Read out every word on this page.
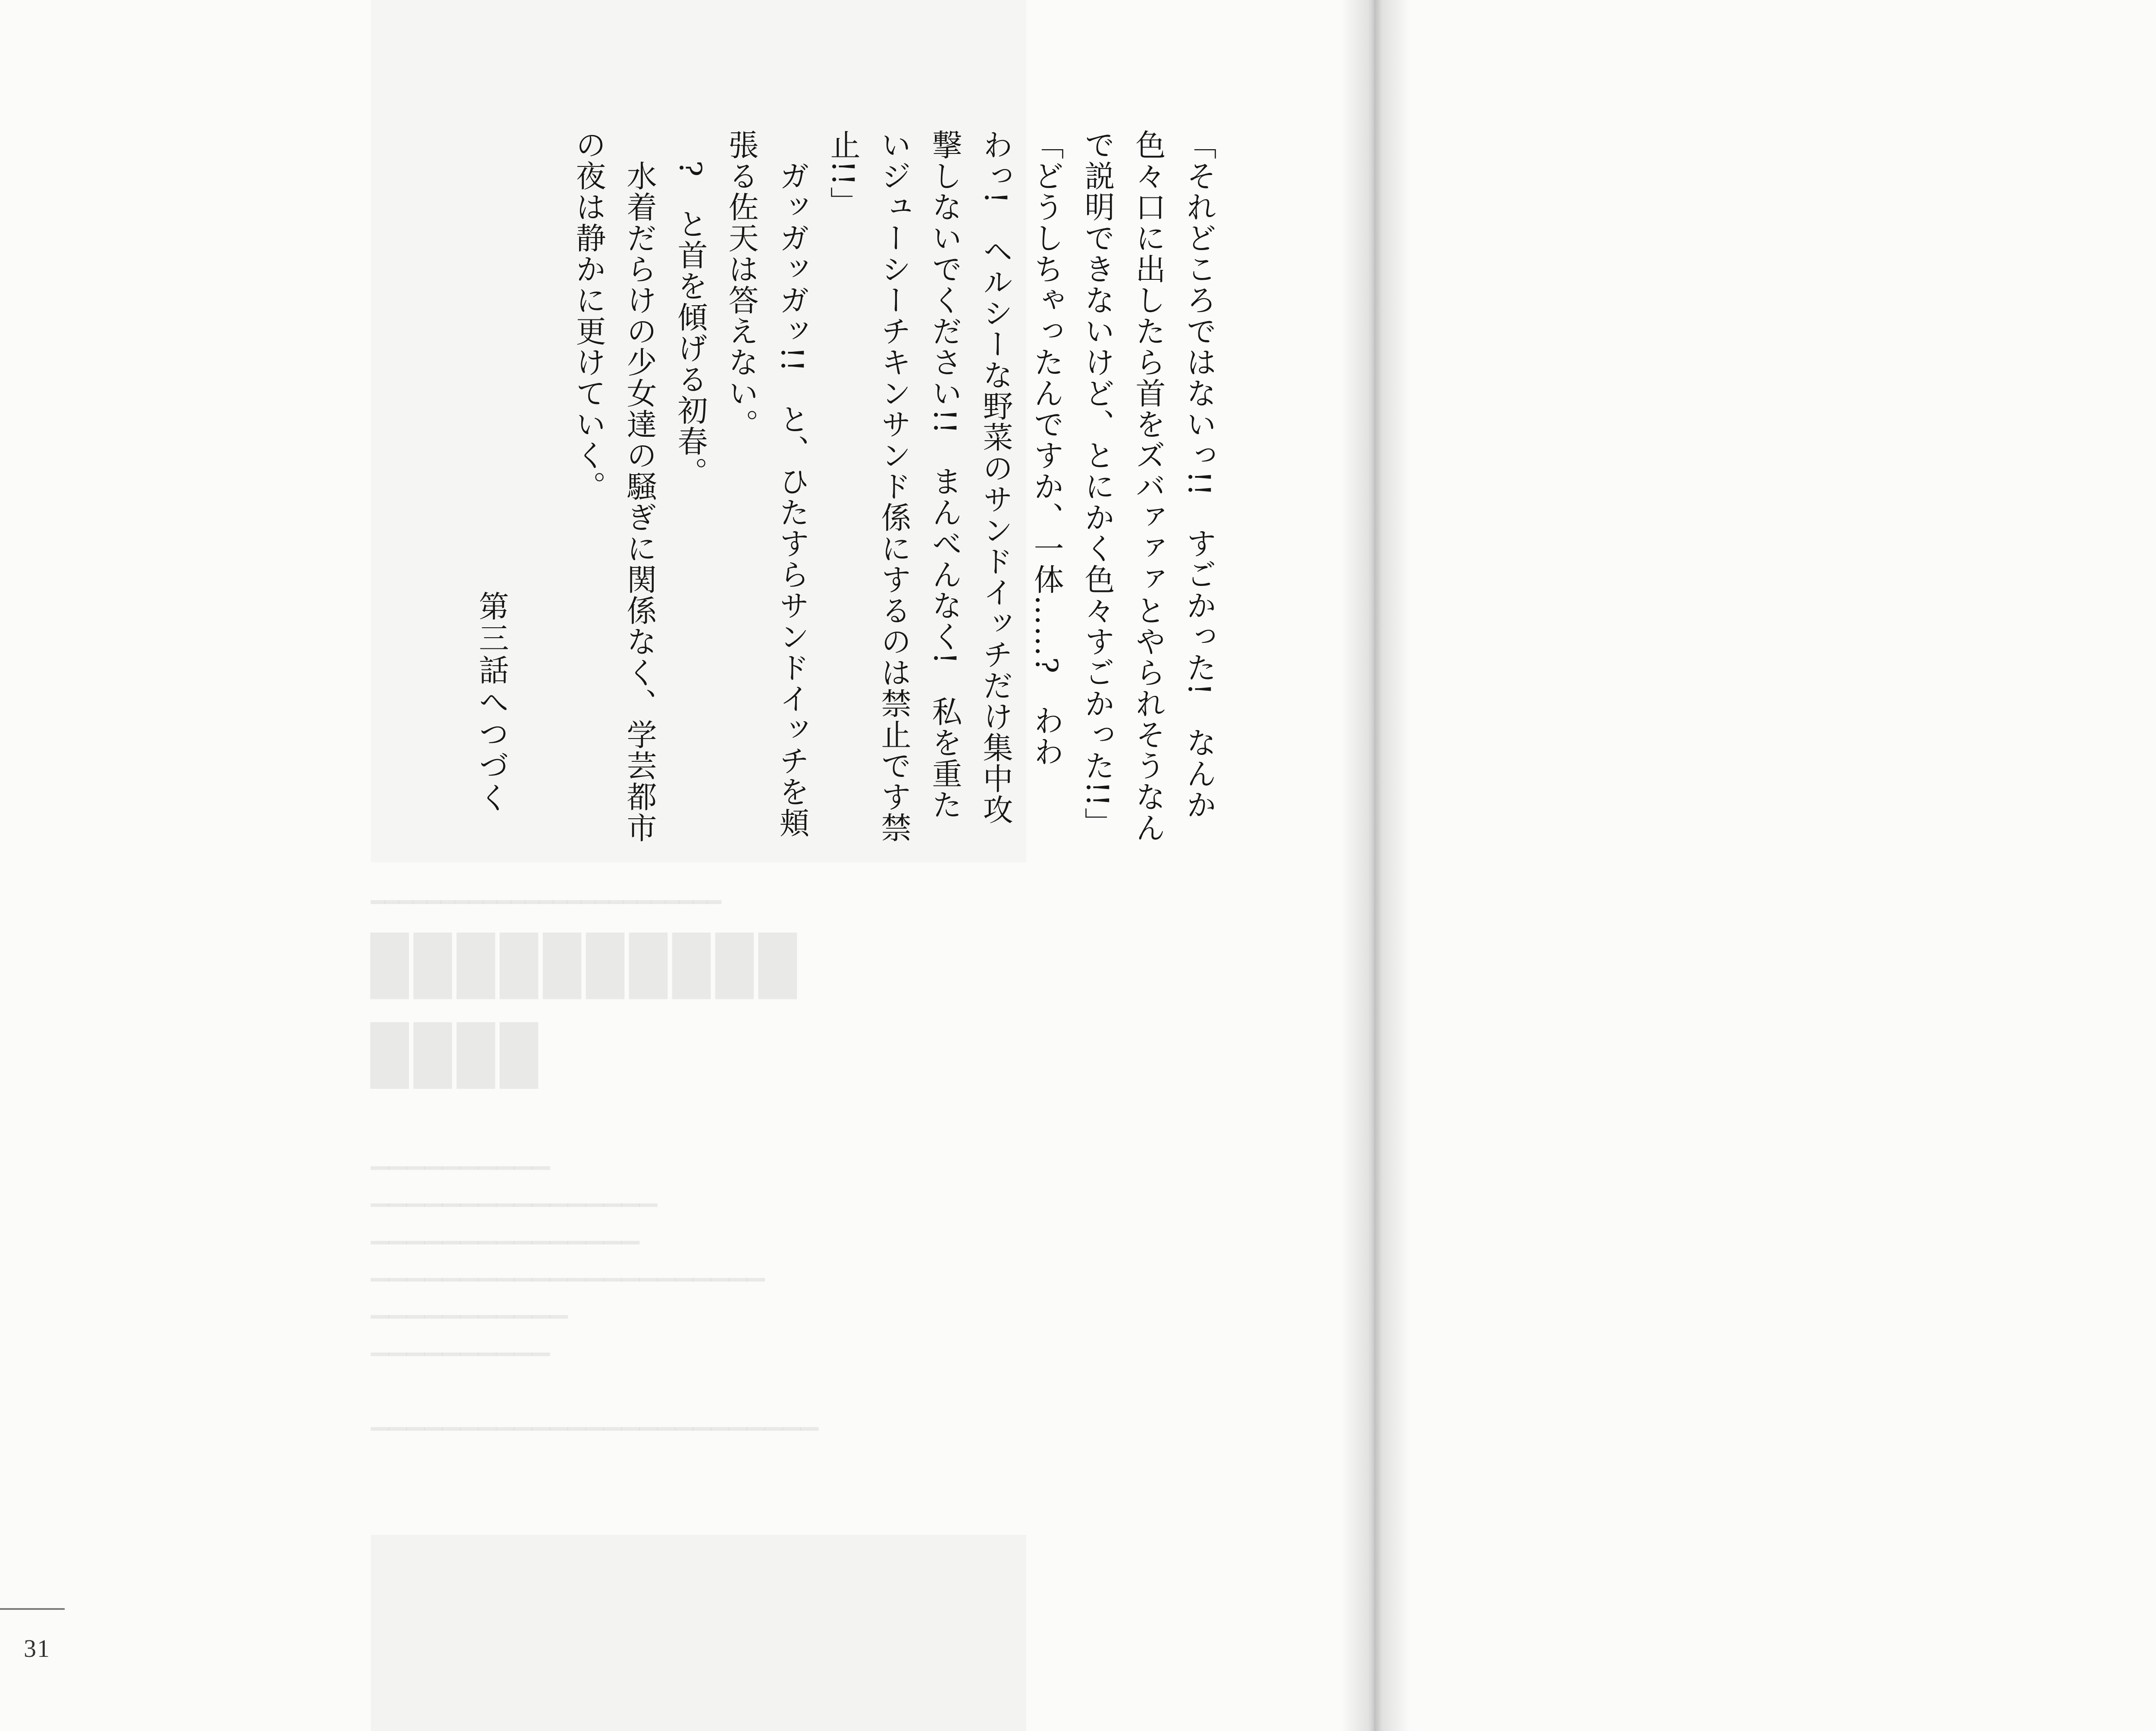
━━━━━━━━━━━━━━━━━━━━━━━━━
▉▉▉▉▉▉▉▉▉▉
▉▉▉▉

▁▁▁▁▁▁▁▁▁▁
▁▁▁▁▁▁▁▁▁▁▁▁▁▁▁▁
▁▁▁▁▁▁▁▁▁▁▁▁▁▁▁
▁▁▁▁▁▁▁▁▁▁▁▁▁▁▁▁▁▁▁▁▁▁
▁▁▁▁▁▁▁▁▁▁▁
▁▁▁▁▁▁▁▁▁▁

▁▁▁▁▁▁▁▁▁▁▁▁▁▁▁▁▁▁▁▁▁▁▁▁▁

「それどころではないっ!!　すごかった!　なんか

色々口に出したら首をズバァァァとやられそうなん

で説明できないけど、とにかく色々すごかった!!」

「どうしちゃったんですか、一体……?　わわ

わっ!　ヘルシーな野菜のサンドイッチだけ集中攻

撃しないでください!!　まんべんなく!　私を重た

いジューシーチキンサンド係にするのは禁止です禁

止!!」

　ガッガッガッ!!　と、ひたすらサンドイッチを頬

張る佐天は答えない。

　?　と首を傾げる初春。

　水着だらけの少女達の騒ぎに関係なく、学芸都市

の夜は静かに更けていく。

第三話へつづく
31
